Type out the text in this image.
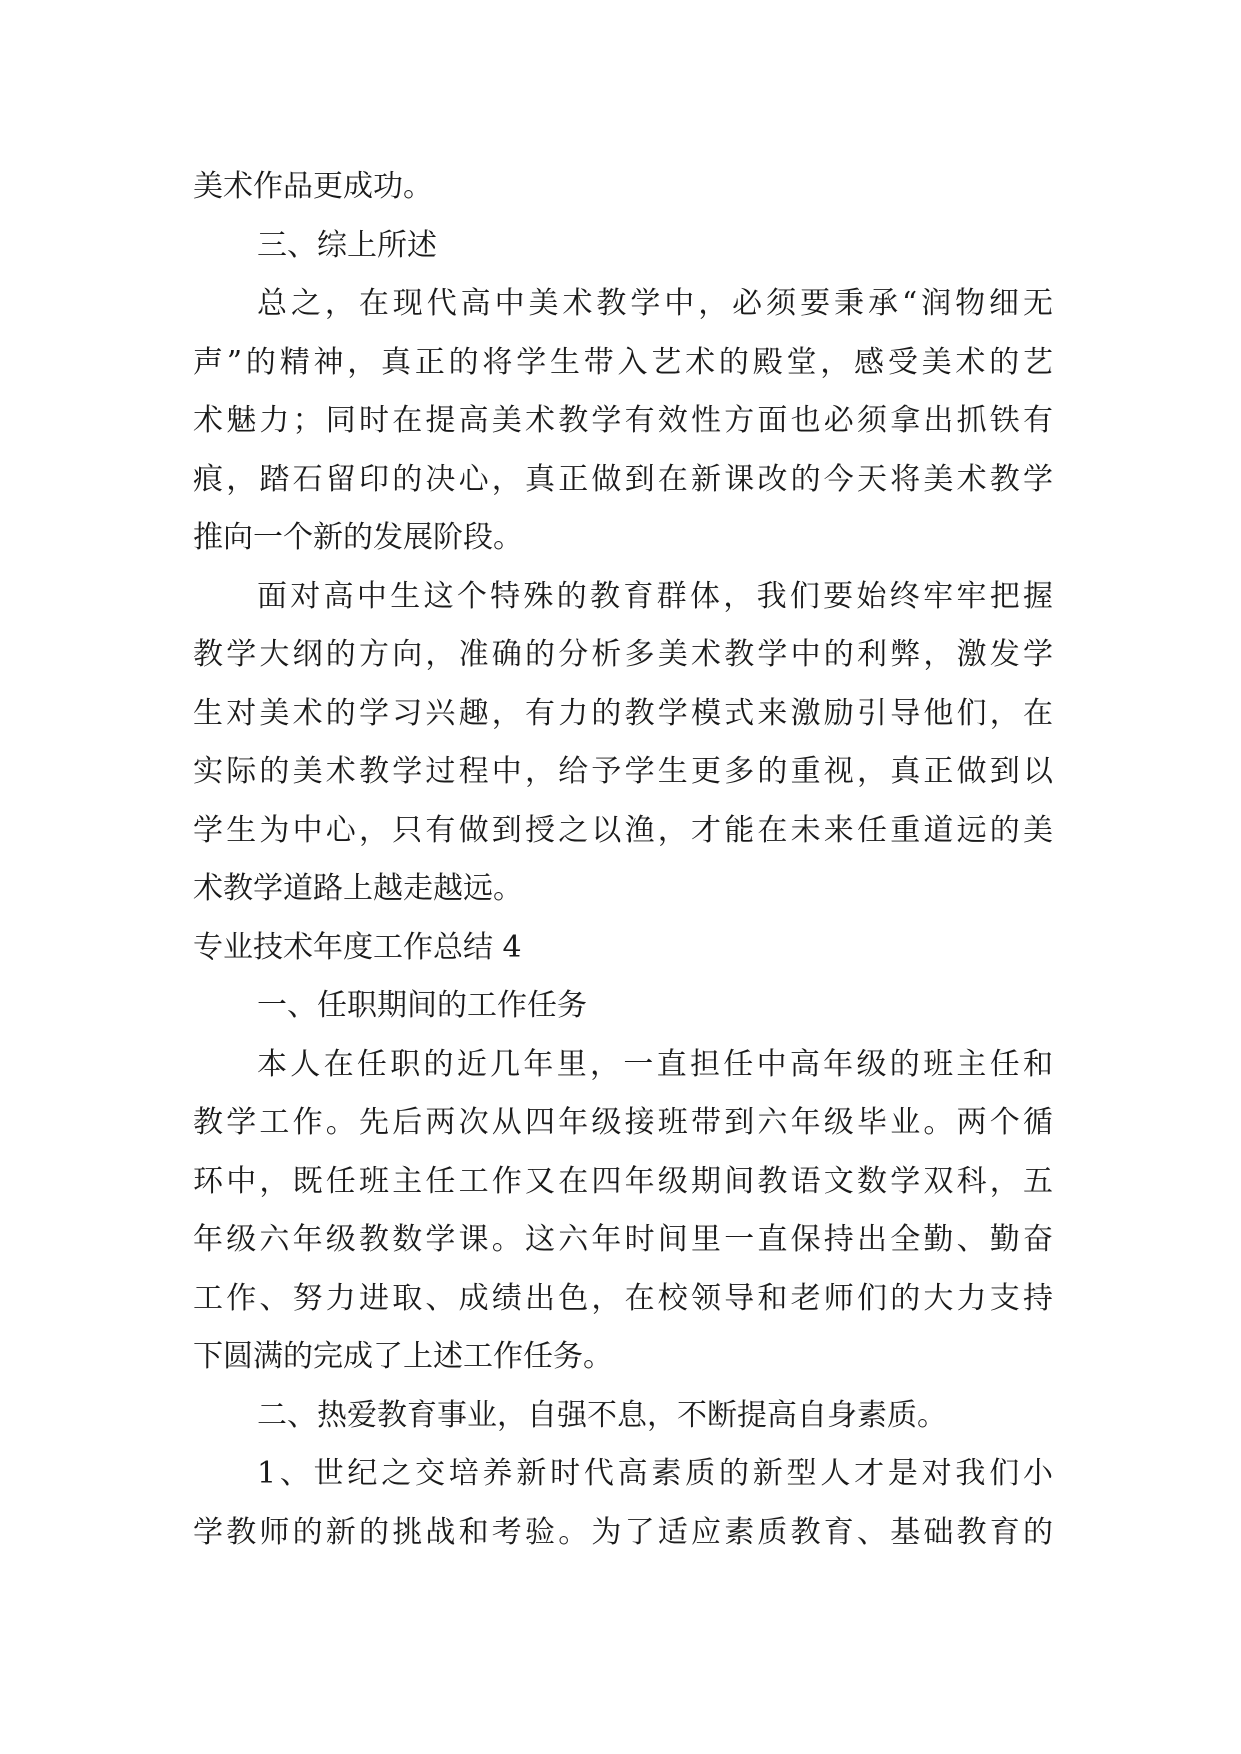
美术作品更成功。
三、综上所述
总之，在现代高中美术教学中，必须要秉承“润物细无
声”的精神，真正的将学生带入艺术的殿堂，感受美术的艺
术魅力；同时在提高美术教学有效性方面也必须拿出抓铁有
痕，踏石留印的决心，真正做到在新课改的今天将美术教学
推向一个新的发展阶段。
面对高中生这个特殊的教育群体，我们要始终牢牢把握
教学大纲的方向，准确的分析多美术教学中的利弊，激发学
生对美术的学习兴趣，有力的教学模式来激励引导他们，在
实际的美术教学过程中，给予学生更多的重视，真正做到以
学生为中心，只有做到授之以渔，才能在未来任重道远的美
术教学道路上越走越远。
专业技术年度工作总结 4
一、任职期间的工作任务
本人在任职的近几年里，一直担任中高年级的班主任和
教学工作。先后两次从四年级接班带到六年级毕业。两个循
环中，既任班主任工作又在四年级期间教语文数学双科，五
年级六年级教数学课。这六年时间里一直保持出全勤、勤奋
工作、努力进取、成绩出色，在校领导和老师们的大力支持
下圆满的完成了上述工作任务。
二、热爱教育事业，自强不息，不断提高自身素质。
1、世纪之交培养新时代高素质的新型人才是对我们小
学教师的新的挑战和考验。为了适应素质教育、基础教育的
